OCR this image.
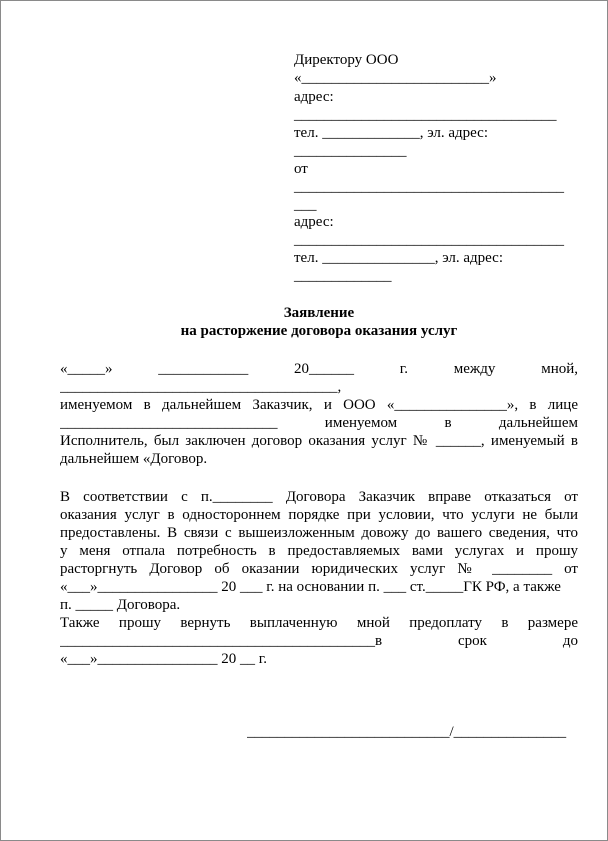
Директору ООО
«_________________________»
адрес:
___________________________________
тел. _____________, эл. адрес:
_______________
от
____________________________________
___
адрес:
____________________________________
тел. _______________, эл. адрес:
_____________
Заявление
на расторжение договора оказания услуг
«_____» ____________ 20______ г. между мной,
_____________________________________,
именуемом в дальнейшем Заказчик, и ООО «_______________», в лице
_____________________________ именуемом в дальнейшем
Исполнитель, был заключен договор оказания услуг № ______, именуемый в
дальнейшем «Договор.
В соответствии с п.________ Договора Заказчик вправе отказаться от
оказания услуг в одностороннем порядке при условии, что услуги не были
предоставлены. В связи с вышеизложенным довожу до вашего сведения, что
у меня отпала потребность в предоставляемых вами услугах и прошу
расторгнуть Договор об оказании юридических услуг № ________ от
«___»________________ 20 ___ г. на основании п. ___ ст._____ГК РФ, а также
п. _____ Договора.
Также прошу вернуть выплаченную мной предоплату в размере
__________________________________________в срок до
«___»________________ 20 __ г.
___________________________/_______________
